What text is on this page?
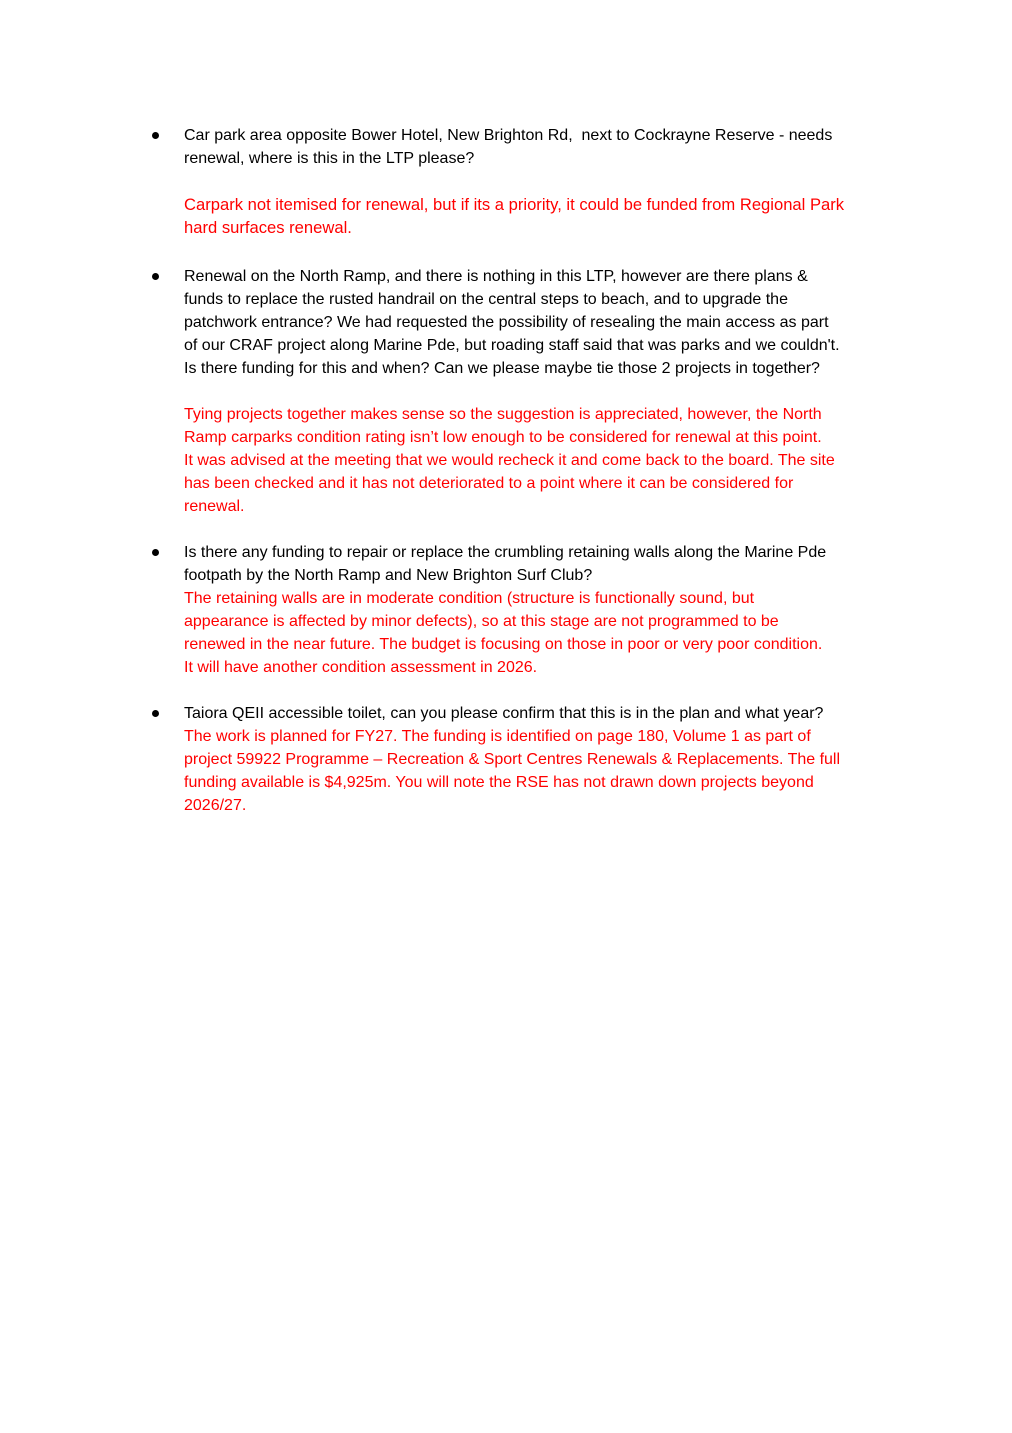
Car park area opposite Bower Hotel, New Brighton Rd,  next to Cockrayne Reserve - needs
renewal, where is this in the LTP please?

Carpark not itemised for renewal, but if its a priority, it could be funded from Regional Park
hard surfaces renewal.

Renewal on the North Ramp, and there is nothing in this LTP, however are there plans &
funds to replace the rusted handrail on the central steps to beach, and to upgrade the
patchwork entrance? We had requested the possibility of resealing the main access as part
of our CRAF project along Marine Pde, but roading staff said that was parks and we couldn't.
Is there funding for this and when? Can we please maybe tie those 2 projects in together?

Tying projects together makes sense so the suggestion is appreciated, however, the North
Ramp carparks condition rating isn’t low enough to be considered for renewal at this point.
It was advised at the meeting that we would recheck it and come back to the board. The site
has been checked and it has not deteriorated to a point where it can be considered for
renewal.

Is there any funding to repair or replace the crumbling retaining walls along the Marine Pde
footpath by the North Ramp and New Brighton Surf Club?

The retaining walls are in moderate condition (structure is functionally sound, but
appearance is affected by minor defects), so at this stage are not programmed to be
renewed in the near future. The budget is focusing on those in poor or very poor condition.
It will have another condition assessment in 2026.

Taiora QEII accessible toilet, can you please confirm that this is in the plan and what year?

The work is planned for FY27. The funding is identified on page 180, Volume 1 as part of
project 59922 Programme – Recreation & Sport Centres Renewals & Replacements. The full
funding available is $4,925m. You will note the RSE has not drawn down projects beyond
2026/27.
